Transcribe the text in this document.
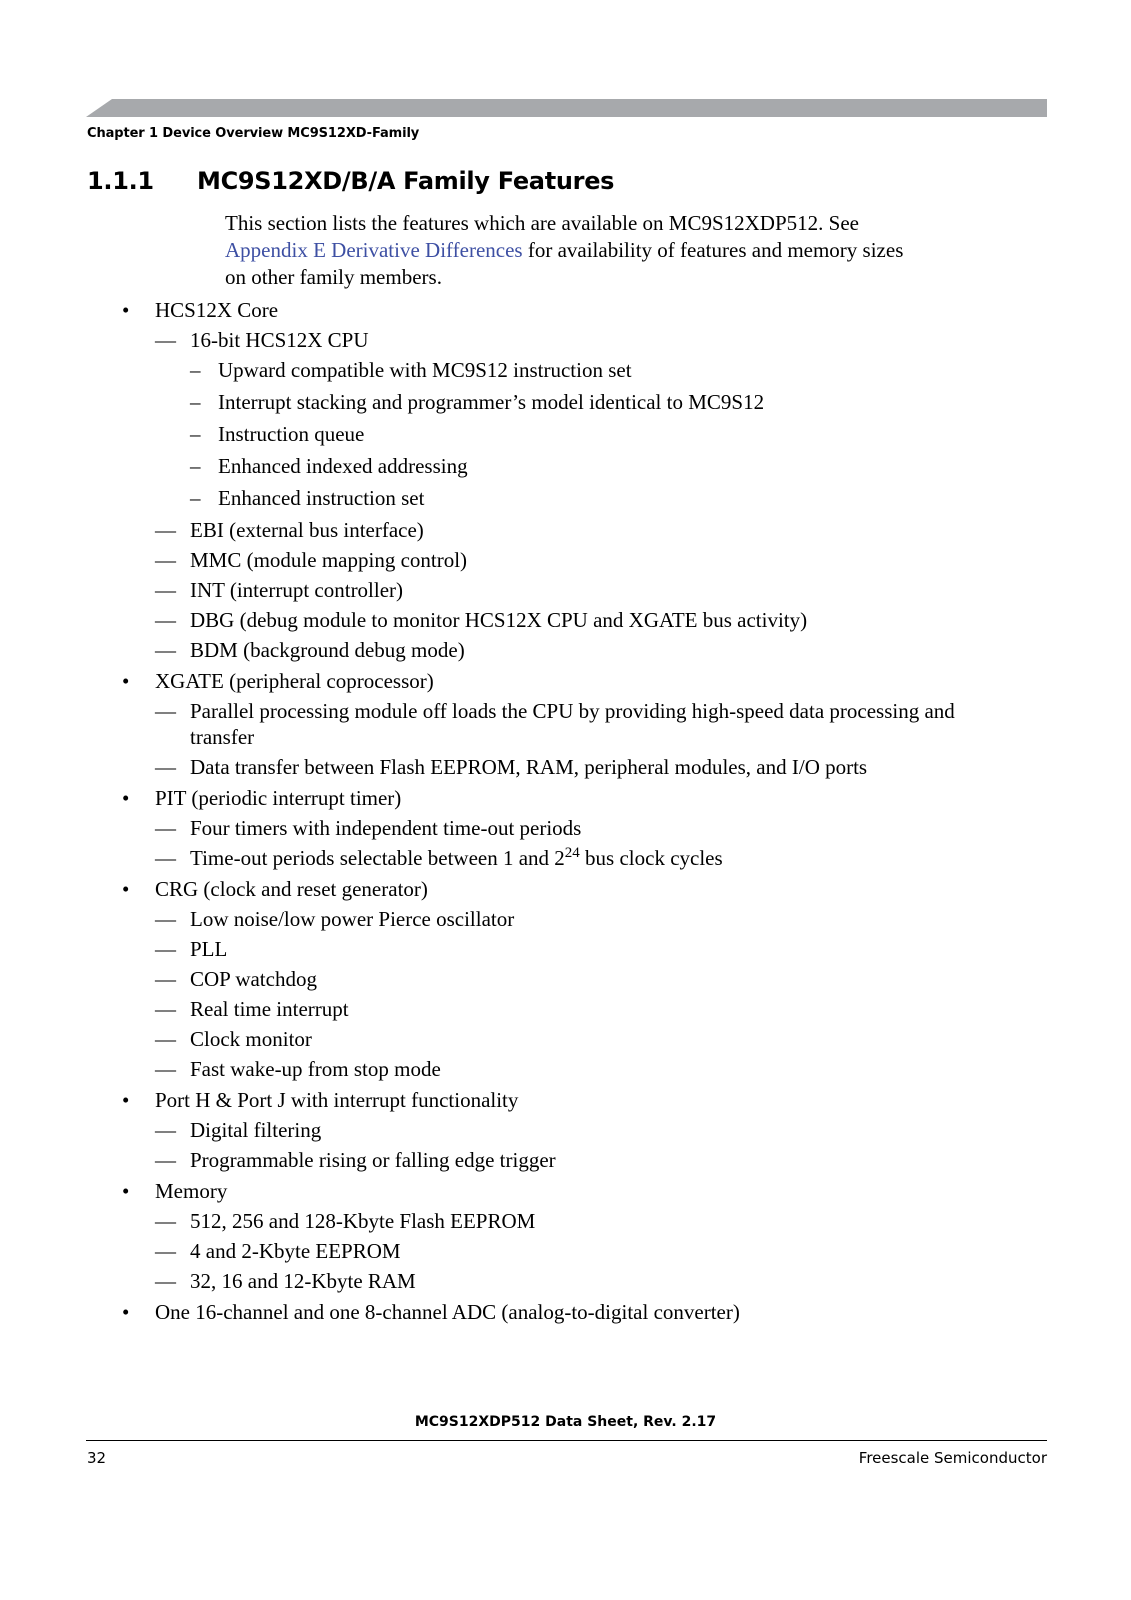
Chapter 1 Device Overview MC9S12XD-Family
1.1.1 MC9S12XD/B/A Family Features
This section lists the features which are available on MC9S12XDP512. See Appendix E Derivative Differences for availability of features and memory sizes on other family members.
• HCS12X Core
— 16-bit HCS12X CPU
– Upward compatible with MC9S12 instruction set
– Interrupt stacking and programmer’s model identical to MC9S12
– Instruction queue
– Enhanced indexed addressing
– Enhanced instruction set
— EBI (external bus interface)
— MMC (module mapping control)
— INT (interrupt controller)
— DBG (debug module to monitor HCS12X CPU and XGATE bus activity)
— BDM (background debug mode)
• XGATE (peripheral coprocessor)
— Parallel processing module off loads the CPU by providing high-speed data processing and
transfer
— Data transfer between Flash EEPROM, RAM, peripheral modules, and I/O ports
• PIT (periodic interrupt timer)
— Four timers with independent time-out periods
— Time-out periods selectable between 1 and $2^{24}$ bus clock cycles
• CRG (clock and reset generator)
— Low noise/low power Pierce oscillator
— PLL
— COP watchdog
— Real time interrupt
— Clock monitor
— Fast wake-up from stop mode
• Port H & Port J with interrupt functionality
— Digital filtering
— Programmable rising or falling edge trigger
• Memory
— 512, 256 and 128-Kbyte Flash EEPROM
— 4 and 2-Kbyte EEPROM
— 32, 16 and 12-Kbyte RAM
• One 16-channel and one 8-channel ADC (analog-to-digital converter)
MC9S12XDP512 Data Sheet, Rev. 2.17
32	Freescale Semiconductor
